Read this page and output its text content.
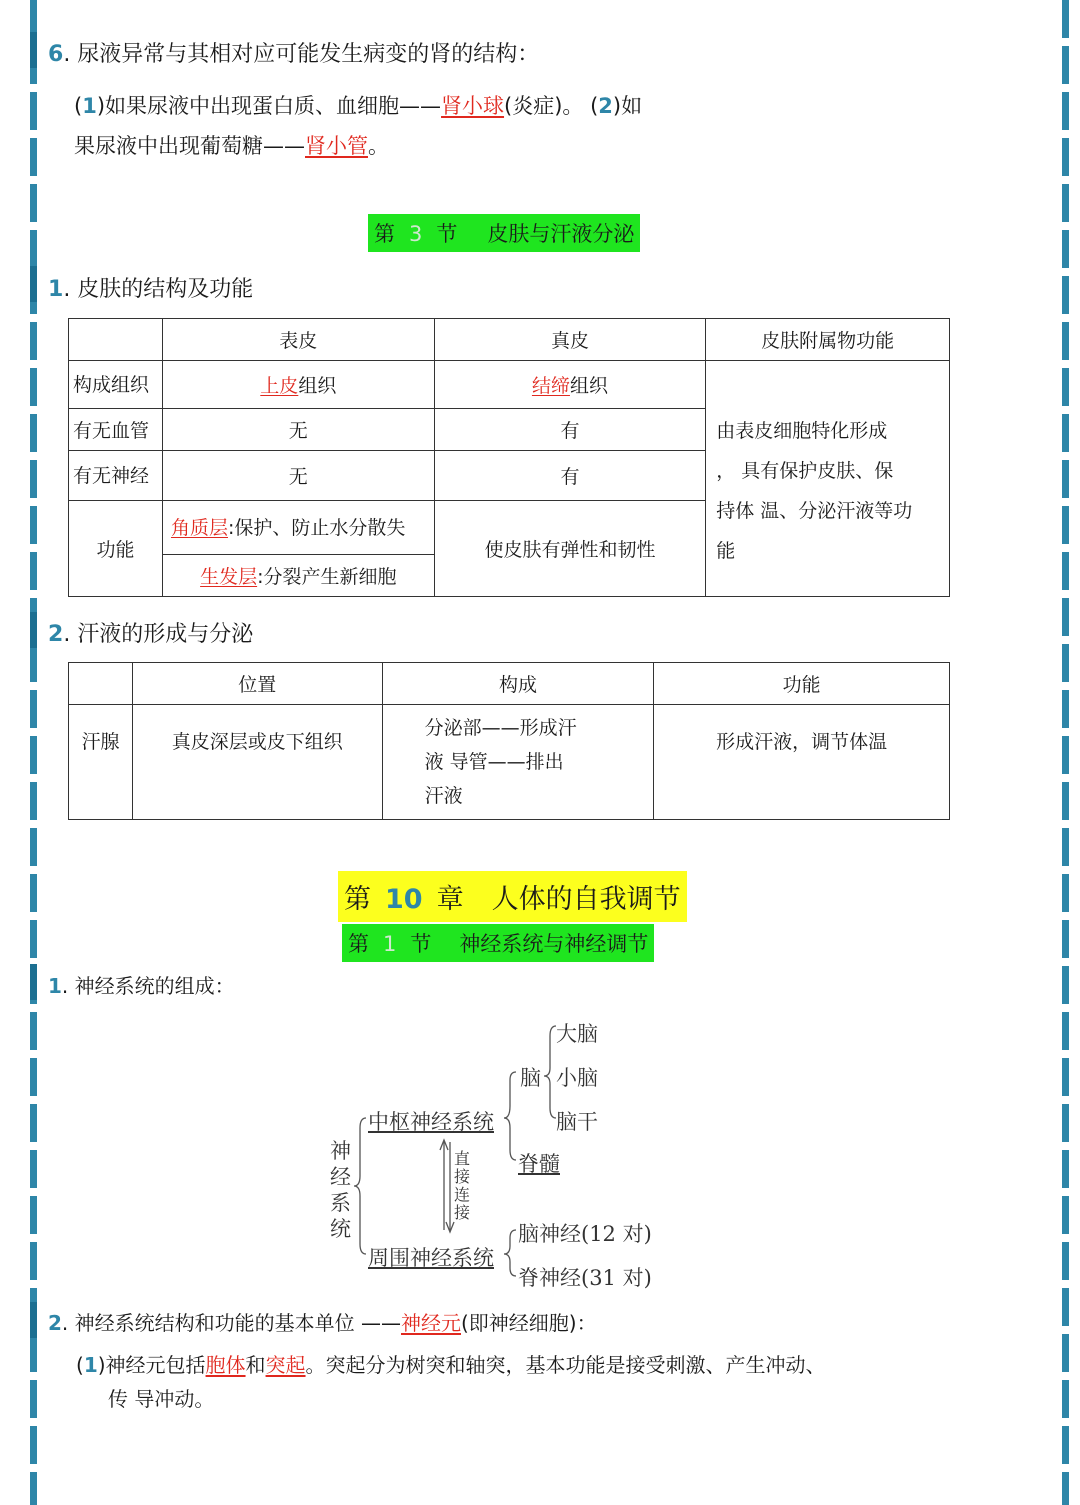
6. 尿液异常与其相对应可能发生病变的肾的结构：
(1)如果尿液中出现蛋白质、血细胞——肾小球(炎症)。 (2)如
果尿液中出现葡萄糖——肾小管。
第 3 节 皮肤与汗液分泌
1. 皮肤的结构及功能
	表皮	真皮	皮肤附属物功能
构成组织	上皮组织	结缔组织	由表皮细胞特化形成
， 具有保护皮肤、保
持体 温、分泌汗液等功
能

有无血管	无	有	
有无神经	无	有	
功能	角质层:保护、防止水分散失	使皮肤有弹性和韧性	
	生发层:分裂产生新细胞		
2. 汗液的形成与分泌
	位置	构成	功能
汗腺	真皮深层或皮下组织	分泌部——形成汗
液 导管——排出
汗液	形成汗液，调节体温
第 10 章 人体的自我调节
第 1 节 神经系统与神经调节
1. 神经系统的组成：
神经系统
中枢神经系统
脑
大脑
小脑
脑干
脊髓
直接连接
周围神经系统
脑神经(12 对)
脊神经(31 对)
2. 神经系统结构和功能的基本单位 ——神经元(即神经细胞)：
(1)神经元包括胞体和突起。突起分为树突和轴突，基本功能是接受刺激、产生冲动、
传 导冲动。
